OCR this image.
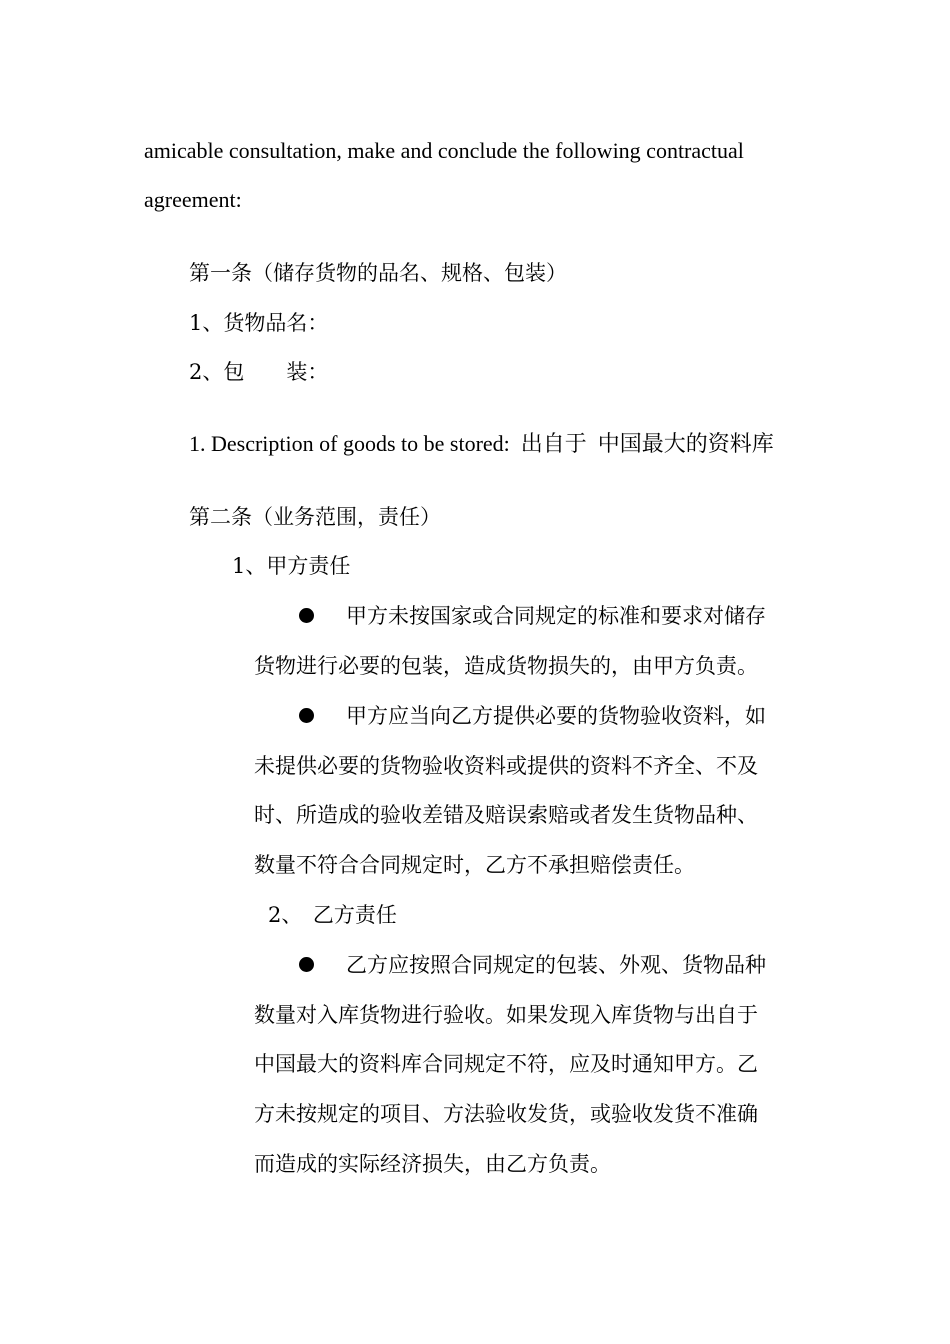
amicable consultation, make and conclude the following contractual
agreement:
第一条（储存货物的品名、规格、包装）
1、货物品名：
2、包　　装：
1. Description of goods to be stored:  出自于  中国最大的资料库
第二条（业务范围，责任）
1、甲方责任
甲方未按国家或合同规定的标准和要求对储存
货物进行必要的包装，造成货物损失的，由甲方负责。
甲方应当向乙方提供必要的货物验收资料，如
未提供必要的货物验收资料或提供的资料不齐全、不及
时、所造成的验收差错及赔误索赔或者发生货物品种、
数量不符合合同规定时，乙方不承担赔偿责任。
2、　乙方责任
乙方应按照合同规定的包装、外观、货物品种
数量对入库货物进行验收。如果发现入库货物与出自于
中国最大的资料库合同规定不符，应及时通知甲方。乙
方未按规定的项目、方法验收发货，或验收发货不准确
而造成的实际经济损失，由乙方负责。
